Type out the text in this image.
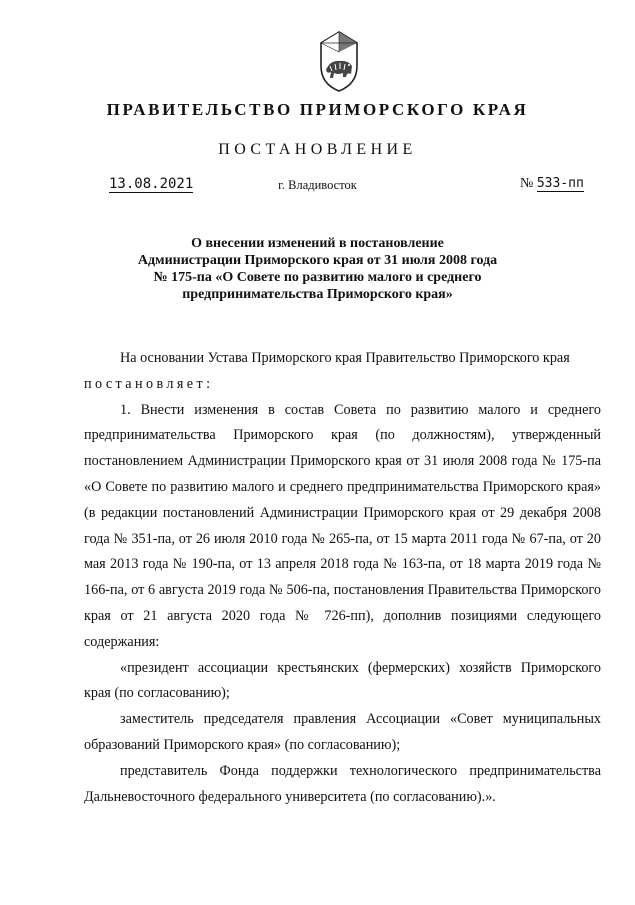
ПРАВИТЕЛЬСТВО ПРИМОРСКОГО КРАЯ
ПОСТАНОВЛЕНИЕ
13.08.2021	г. Владивосток	№ 533-пп
О внесении изменений в постановление
Администрации Приморского края от 31 июля 2008 года
№ 175-па «О Совете по развитию малого и среднего
предпринимательства Приморского края»

На основании Устава Приморского края Правительство Приморского края

постановляет:

1. Внести изменения в состав Совета по развитию малого и среднего предпринимательства Приморского края (по должностям), утвержденный постановлением Администрации Приморского края от 31 июля 2008 года № 175-па «О Совете по развитию малого и среднего предпринимательства Приморского края» (в редакции постановлений Администрации Приморского края от 29 декабря 2008 года № 351-па, от 26 июля 2010 года № 265-па, от 15 марта 2011 года № 67-па, от 20 мая 2013 года № 190-па, от 13 апреля 2018 года № 163-па, от 18 марта 2019 года № 166-па, от 6 августа 2019 года № 506-па, постановления Правительства Приморского края от 21 августа 2020 года № 726-пп), дополнив позициями следующего содержания:

«президент ассоциации крестьянских (фермерских) хозяйств Приморского края (по согласованию);

заместитель председателя правления Ассоциации «Совет муниципальных образований Приморского края» (по согласованию);

представитель Фонда поддержки технологического предпринимательства Дальневосточного федерального университета (по согласованию).».
